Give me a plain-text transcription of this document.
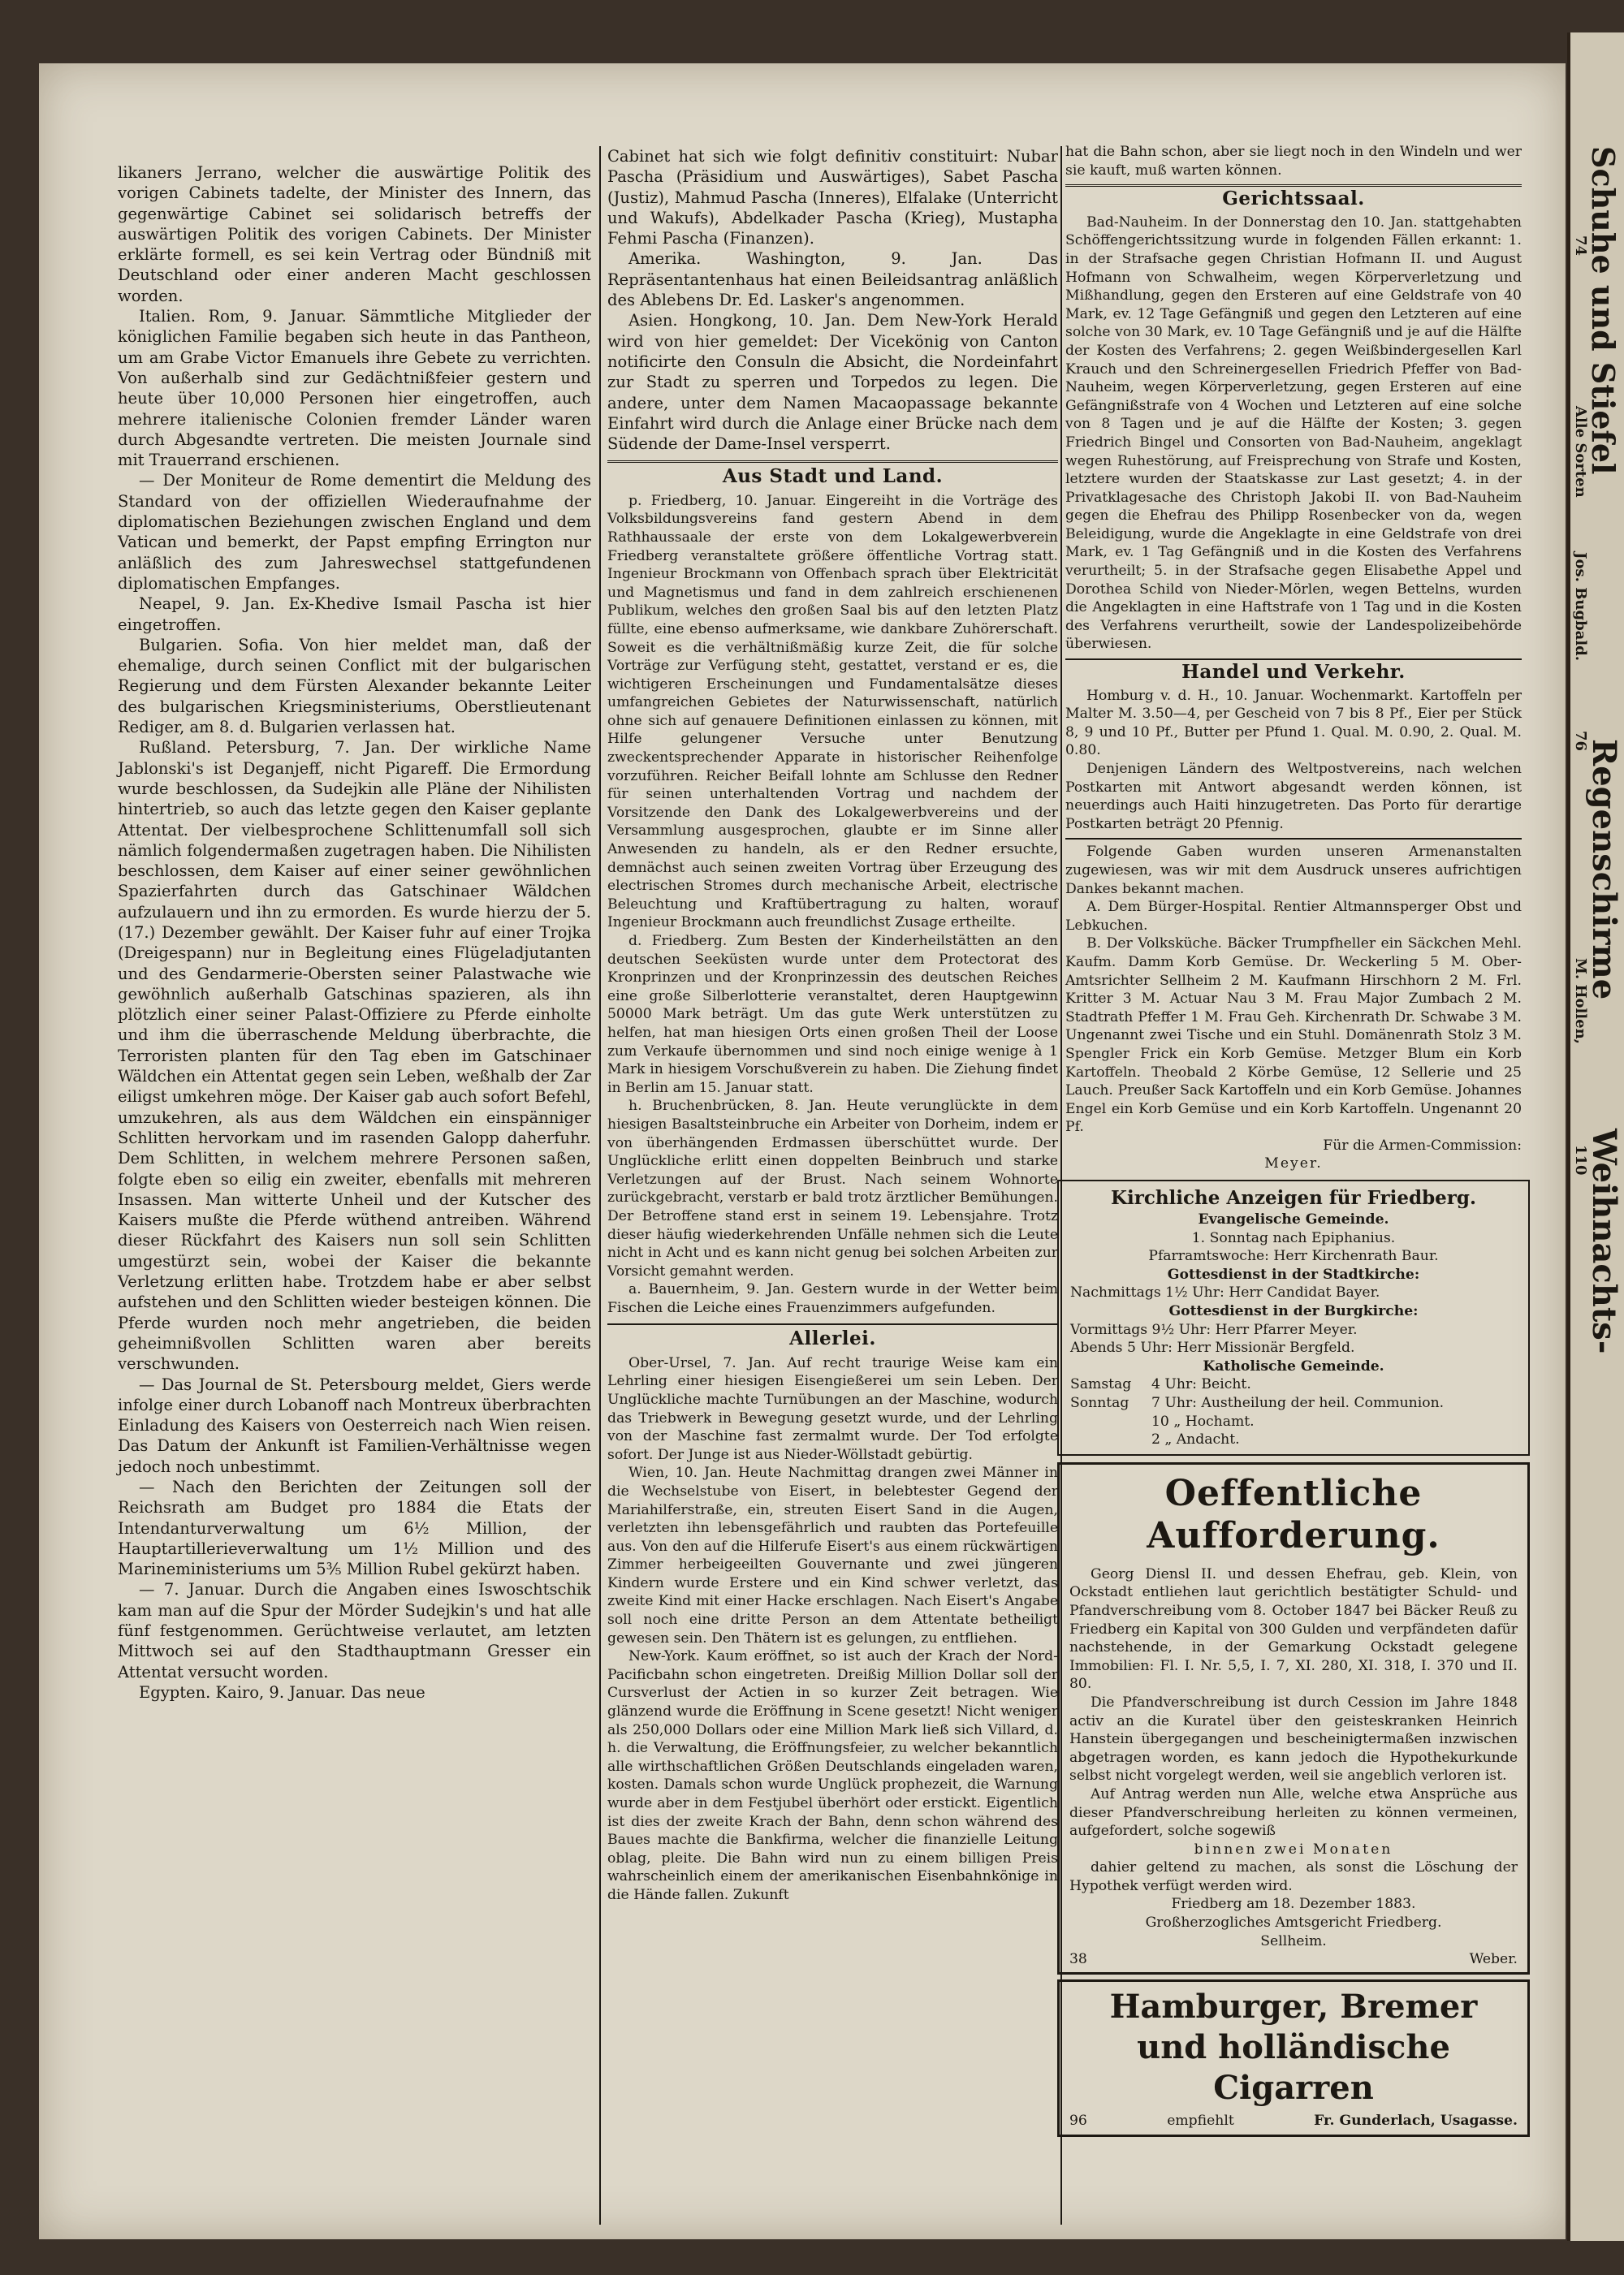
Schuhe und Stiefel
Regenschirme
Weihnachts-
74
76
110
Alle Sorten
Jos. Bugbald.
M. Hollen,

likaners Jerrano, welcher die auswärtige Politik des vorigen Cabinets tadelte, der Minister des Innern, das gegenwärtige Cabinet sei solidarisch betreffs der auswärtigen Politik des vorigen Cabinets. Der Minister erklärte formell, es sei kein Vertrag oder Bündniß mit Deutschland oder einer anderen Macht geschlossen worden.

Italien. Rom, 9. Januar. Sämmtliche Mitglieder der königlichen Familie begaben sich heute in das Pantheon, um am Grabe Victor Emanuels ihre Gebete zu verrichten. Von außerhalb sind zur Gedächtnißfeier gestern und heute über 10,000 Personen hier eingetroffen, auch mehrere italienische Colonien fremder Länder waren durch Abgesandte vertreten. Die meisten Journale sind mit Trauerrand erschienen.

— Der Moniteur de Rome dementirt die Meldung des Standard von der offiziellen Wiederaufnahme der diplomatischen Beziehungen zwischen England und dem Vatican und bemerkt, der Papst empfing Errington nur anläßlich des zum Jahreswechsel stattgefundenen diplomatischen Empfanges.

Neapel, 9. Jan. Ex-Khedive Ismail Pascha ist hier eingetroffen.

Bulgarien. Sofia. Von hier meldet man, daß der ehemalige, durch seinen Conflict mit der bulgarischen Regierung und dem Fürsten Alexander bekannte Leiter des bulgarischen Kriegsministeriums, Oberstlieutenant Rediger, am 8. d. Bulgarien verlassen hat.

Rußland. Petersburg, 7. Jan. Der wirkliche Name Jablonski's ist Deganjeff, nicht Pigareff. Die Ermordung wurde beschlossen, da Sudejkin alle Pläne der Nihilisten hintertrieb, so auch das letzte gegen den Kaiser geplante Attentat. Der vielbesprochene Schlittenumfall soll sich nämlich folgendermaßen zugetragen haben. Die Nihilisten beschlossen, dem Kaiser auf einer seiner gewöhnlichen Spazierfahrten durch das Gatschinaer Wäldchen aufzulauern und ihn zu ermorden. Es wurde hierzu der 5. (17.) Dezember gewählt. Der Kaiser fuhr auf einer Trojka (Dreigespann) nur in Begleitung eines Flügeladjutanten und des Gendarmerie-Obersten seiner Palastwache wie gewöhnlich außerhalb Gatschinas spazieren, als ihn plötzlich einer seiner Palast-Offiziere zu Pferde einholte und ihm die überraschende Meldung überbrachte, die Terroristen planten für den Tag eben im Gatschinaer Wäldchen ein Attentat gegen sein Leben, weßhalb der Zar eiligst umkehren möge. Der Kaiser gab auch sofort Befehl, umzukehren, als aus dem Wäldchen ein einspänniger Schlitten hervorkam und im rasenden Galopp daherfuhr. Dem Schlitten, in welchem mehrere Personen saßen, folgte eben so eilig ein zweiter, ebenfalls mit mehreren Insassen. Man witterte Unheil und der Kutscher des Kaisers mußte die Pferde wüthend antreiben. Während dieser Rückfahrt des Kaisers nun soll sein Schlitten umgestürzt sein, wobei der Kaiser die bekannte Verletzung erlitten habe. Trotzdem habe er aber selbst aufstehen und den Schlitten wieder besteigen können. Die Pferde wurden noch mehr angetrieben, die beiden geheimnißvollen Schlitten waren aber bereits verschwunden.

— Das Journal de St. Petersbourg meldet, Giers werde infolge einer durch Lobanoff nach Montreux überbrachten Einladung des Kaisers von Oesterreich nach Wien reisen. Das Datum der Ankunft ist Familien-Verhältnisse wegen jedoch noch unbestimmt.

— Nach den Berichten der Zeitungen soll der Reichsrath am Budget pro 1884 die Etats der Intendanturverwaltung um 6½ Million, der Hauptartillerieverwaltung um 1½ Million und des Marineministeriums um 5⅗ Million Rubel gekürzt haben.

— 7. Januar. Durch die Angaben eines Iswoschtschik kam man auf die Spur der Mörder Sudejkin's und hat alle fünf festgenommen. Gerüchtweise verlautet, am letzten Mittwoch sei auf den Stadthauptmann Gresser ein Attentat versucht worden.

Egypten. Kairo, 9. Januar. Das neue

Cabinet hat sich wie folgt definitiv constituirt: Nubar Pascha (Präsidium und Auswärtiges), Sabet Pascha (Justiz), Mahmud Pascha (Inneres), Elfalake (Unterricht und Wakufs), Abdelkader Pascha (Krieg), Mustapha Fehmi Pascha (Finanzen).

Amerika. Washington, 9. Jan. Das Repräsentantenhaus hat einen Beileidsantrag anläßlich des Ablebens Dr. Ed. Lasker's angenommen.

Asien. Hongkong, 10. Jan. Dem New-York Herald wird von hier gemeldet: Der Vicekönig von Canton notificirte den Consuln die Absicht, die Nordeinfahrt zur Stadt zu sperren und Torpedos zu legen. Die andere, unter dem Namen Macaopassage bekannte Einfahrt wird durch die Anlage einer Brücke nach dem Südende der Dame-Insel versperrt.

Aus Stadt und Land.

p. Friedberg, 10. Januar. Eingereiht in die Vorträge des Volksbildungsvereins fand gestern Abend in dem Rathhaussaale der erste von dem Lokalgewerbverein Friedberg veranstaltete größere öffentliche Vortrag statt. Ingenieur Brockmann von Offenbach sprach über Elektricität und Magnetismus und fand in dem zahlreich erschienenen Publikum, welches den großen Saal bis auf den letzten Platz füllte, eine ebenso aufmerksame, wie dankbare Zuhörerschaft. Soweit es die verhältnißmäßig kurze Zeit, die für solche Vorträge zur Verfügung steht, gestattet, verstand er es, die wichtigeren Erscheinungen und Fundamentalsätze dieses umfangreichen Gebietes der Naturwissenschaft, natürlich ohne sich auf genauere Definitionen einlassen zu können, mit Hilfe gelungener Versuche unter Benutzung zweckentsprechender Apparate in historischer Reihenfolge vorzuführen. Reicher Beifall lohnte am Schlusse den Redner für seinen unterhaltenden Vortrag und nachdem der Vorsitzende den Dank des Lokalgewerbvereins und der Versammlung ausgesprochen, glaubte er im Sinne aller Anwesenden zu handeln, als er den Redner ersuchte, demnächst auch seinen zweiten Vortrag über Erzeugung des electrischen Stromes durch mechanische Arbeit, electrische Beleuchtung und Kraftübertragung zu halten, worauf Ingenieur Brockmann auch freundlichst Zusage ertheilte.

d. Friedberg. Zum Besten der Kinderheilstätten an den deutschen Seeküsten wurde unter dem Protectorat des Kronprinzen und der Kronprinzessin des deutschen Reiches eine große Silberlotterie veranstaltet, deren Hauptgewinn 50000 Mark beträgt. Um das gute Werk unterstützen zu helfen, hat man hiesigen Orts einen großen Theil der Loose zum Verkaufe übernommen und sind noch einige wenige à 1 Mark in hiesigem Vorschußverein zu haben. Die Ziehung findet in Berlin am 15. Januar statt.

h. Bruchenbrücken, 8. Jan. Heute verunglückte in dem hiesigen Basaltsteinbruche ein Arbeiter von Dorheim, indem er von überhängenden Erdmassen überschüttet wurde. Der Unglückliche erlitt einen doppelten Beinbruch und starke Verletzungen auf der Brust. Nach seinem Wohnorte zurückgebracht, verstarb er bald trotz ärztlicher Bemühungen. Der Betroffene stand erst in seinem 19. Lebensjahre. Trotz dieser häufig wiederkehrenden Unfälle nehmen sich die Leute nicht in Acht und es kann nicht genug bei solchen Arbeiten zur Vorsicht gemahnt werden.

a. Bauernheim, 9. Jan. Gestern wurde in der Wetter beim Fischen die Leiche eines Frauenzimmers aufgefunden.

Allerlei.

Ober-Ursel, 7. Jan. Auf recht traurige Weise kam ein Lehrling einer hiesigen Eisengießerei um sein Leben. Der Unglückliche machte Turnübungen an der Maschine, wodurch das Triebwerk in Bewegung gesetzt wurde, und der Lehrling von der Maschine fast zermalmt wurde. Der Tod erfolgte sofort. Der Junge ist aus Nieder-Wöllstadt gebürtig.

Wien, 10. Jan. Heute Nachmittag drangen zwei Männer in die Wechselstube von Eisert, in belebtester Gegend der Mariahilferstraße, ein, streuten Eisert Sand in die Augen, verletzten ihn lebensgefährlich und raubten das Portefeuille aus. Von den auf die Hilferufe Eisert's aus einem rückwärtigen Zimmer herbeigeeilten Gouvernante und zwei jüngeren Kindern wurde Erstere und ein Kind schwer verletzt, das zweite Kind mit einer Hacke erschlagen. Nach Eisert's Angabe soll noch eine dritte Person an dem Attentate betheiligt gewesen sein. Den Thätern ist es gelungen, zu entfliehen.

New-York. Kaum eröffnet, so ist auch der Krach der Nord-Pacificbahn schon eingetreten. Dreißig Million Dollar soll der Cursverlust der Actien in so kurzer Zeit betragen. Wie glänzend wurde die Eröffnung in Scene gesetzt! Nicht weniger als 250,000 Dollars oder eine Million Mark ließ sich Villard, d. h. die Verwaltung, die Eröffnungsfeier, zu welcher bekanntlich alle wirthschaftlichen Größen Deutschlands eingeladen waren, kosten. Damals schon wurde Unglück prophezeit, die Warnung wurde aber in dem Festjubel überhört oder erstickt. Eigentlich ist dies der zweite Krach der Bahn, denn schon während des Baues machte die Bankfirma, welcher die finanzielle Leitung oblag, pleite. Die Bahn wird nun zu einem billigen Preis wahrscheinlich einem der amerikanischen Eisenbahnkönige in die Hände fallen. Zukunft

hat die Bahn schon, aber sie liegt noch in den Windeln und wer sie kauft, muß warten können.

Gerichtssaal.

Bad-Nauheim. In der Donnerstag den 10. Jan. stattgehabten Schöffengerichtssitzung wurde in folgenden Fällen erkannt: 1. in der Strafsache gegen Christian Hofmann II. und August Hofmann von Schwalheim, wegen Körperverletzung und Mißhandlung, gegen den Ersteren auf eine Geldstrafe von 40 Mark, ev. 12 Tage Gefängniß und gegen den Letzteren auf eine solche von 30 Mark, ev. 10 Tage Gefängniß und je auf die Hälfte der Kosten des Verfahrens; 2. gegen Weißbindergesellen Karl Krauch und den Schreinergesellen Friedrich Pfeffer von Bad-Nauheim, wegen Körperverletzung, gegen Ersteren auf eine Gefängnißstrafe von 4 Wochen und Letzteren auf eine solche von 8 Tagen und je auf die Hälfte der Kosten; 3. gegen Friedrich Bingel und Consorten von Bad-Nauheim, angeklagt wegen Ruhestörung, auf Freisprechung von Strafe und Kosten, letztere wurden der Staatskasse zur Last gesetzt; 4. in der Privatklagesache des Christoph Jakobi II. von Bad-Nauheim gegen die Ehefrau des Philipp Rosenbecker von da, wegen Beleidigung, wurde die Angeklagte in eine Geldstrafe von drei Mark, ev. 1 Tag Gefängniß und in die Kosten des Verfahrens verurtheilt; 5. in der Strafsache gegen Elisabethe Appel und Dorothea Schild von Nieder-Mörlen, wegen Bettelns, wurden die Angeklagten in eine Haftstrafe von 1 Tag und in die Kosten des Verfahrens verurtheilt, sowie der Landespolizeibehörde überwiesen.

Handel und Verkehr.

Homburg v. d. H., 10. Januar. Wochenmarkt. Kartoffeln per Malter M. 3.50—4, per Gescheid von 7 bis 8 Pf., Eier per Stück 8, 9 und 10 Pf., Butter per Pfund 1. Qual. M. 0.90, 2. Qual. M. 0.80.

Denjenigen Ländern des Weltpostvereins, nach welchen Postkarten mit Antwort abgesandt werden können, ist neuerdings auch Haiti hinzugetreten. Das Porto für derartige Postkarten beträgt 20 Pfennig.

Folgende Gaben wurden unseren Armenanstalten zugewiesen, was wir mit dem Ausdruck unseres aufrichtigen Dankes bekannt machen.

A. Dem Bürger-Hospital. Rentier Altmannsperger Obst und Lebkuchen.

B. Der Volksküche. Bäcker Trumpfheller ein Säckchen Mehl. Kaufm. Damm Korb Gemüse. Dr. Weckerling 5 M. Ober-Amtsrichter Sellheim 2 M. Kaufmann Hirschhorn 2 M. Frl. Kritter 3 M. Actuar Nau 3 M. Frau Major Zumbach 2 M. Stadtrath Pfeffer 1 M. Frau Geh. Kirchenrath Dr. Schwabe 3 M. Ungenannt zwei Tische und ein Stuhl. Domänenrath Stolz 3 M. Spengler Frick ein Korb Gemüse. Metzger Blum ein Korb Kartoffeln. Theobald 2 Körbe Gemüse, 12 Selleriе und 25 Lauch. Preußer Sack Kartoffeln und ein Korb Gemüse. Johannes Engel ein Korb Gemüse und ein Korb Kartoffeln. Ungenannt 20 Pf.

Für die Armen-Commission:

Meyer.

Kirchliche Anzeigen für Friedberg.
Evangelische Gemeinde.
1. Sonntag nach Epiphanius.
Pfarramtswoche: Herr Kirchenrath Baur.
Gottesdienst in der Stadtkirche:
Nachmittags 1½ Uhr: Herr Candidat Bayer.
Gottesdienst in der Burgkirche:
Vormittags 9½ Uhr: Herr Pfarrer Meyer.
Abends 5 Uhr: Herr Missionär Bergfeld.
Katholische Gemeinde.
Samstag	4 Uhr: Beicht.
Sonntag	7 Uhr: Austheilung der heil. Communion.
10 „ Hochamt.
2 „ Andacht.
Oeffentliche Aufforderung.

Georg Diensl II. und dessen Ehefrau, geb. Klein, von Ockstadt entliehen laut gerichtlich bestätigter Schuld- und Pfandverschreibung vom 8. October 1847 bei Bäcker Reuß zu Friedberg ein Kapital von 300 Gulden und verpfändeten dafür nachstehende, in der Gemarkung Ockstadt gelegene Immobilien: Fl. I. Nr. 5,5, I. 7, XI. 280, XI. 318, I. 370 und II. 80.

Die Pfandverschreibung ist durch Cession im Jahre 1848 activ an die Kuratel über den geisteskranken Heinrich Hanstein übergegangen und bescheinigtermaßen inzwischen abgetragen worden, es kann jedoch die Hypothekurkunde selbst nicht vorgelegt werden, weil sie angeblich verloren ist.

Auf Antrag werden nun Alle, welche etwa Ansprüche aus dieser Pfandverschreibung herleiten zu können vermeinen, aufgefordert, solche sogewiß

binnen zwei Monaten

dahier geltend zu machen, als sonst die Löschung der Hypothek verfügt werden wird.

Friedberg am 18. Dezember 1883.

Großherzogliches Amtsgericht Friedberg.

Sellheim.

38	Weber.
Hamburger, Bremer und holländische Cigarren
96	empfiehlt	Fr. Gunderlach, Usagasse.
